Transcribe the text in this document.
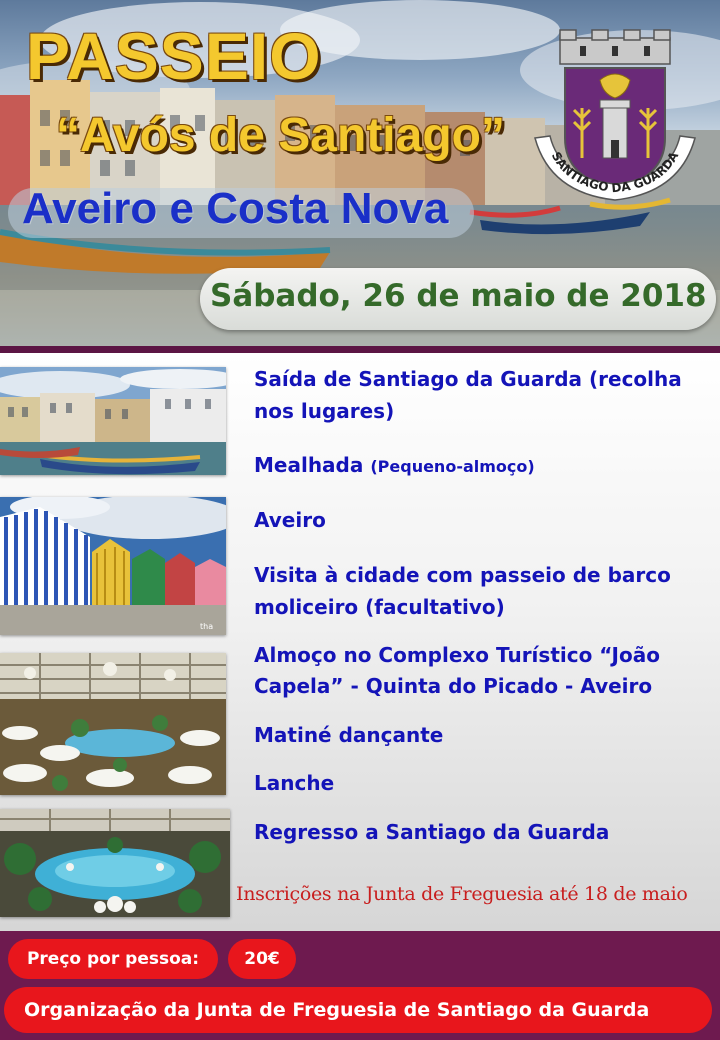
PASSEIO
“Avós de Santiago”
Aveiro e Costa Nova
SANTIAGO DA GUARDA
Sábado, 26 de maio de 2018
tha
Saída de Santiago da Guarda (recolha
nos lugares)
Mealhada (Pequeno-almoço)
Aveiro
Visita à cidade com passeio de barco
moliceiro (facultativo)
Almoço no Complexo Turístico “João
Capela” - Quinta do Picado - Aveiro
Matiné dançante
Lanche
Regresso a Santiago da Guarda
Inscrições na Junta de Freguesia até 18 de maio
Preço por pessoa:	20€
Organização da Junta de Freguesia de Santiago da Guarda
